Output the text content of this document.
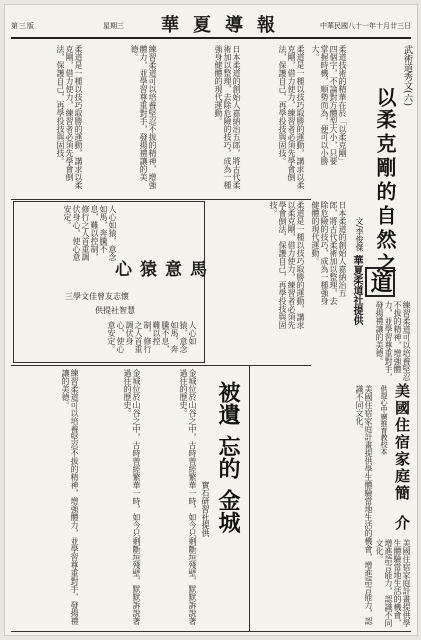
第三版	星期三 華夏導報	中華民國八十一年十月廿三日
武術道秀文(六)
以
柔克剛的自然之
道
文/李俊傑
華夏柔道社提供
柔道技術的精華在於「以柔克剛」四個字，不論對方體型大小，只要掌握時機，順勢而為，便可以小勝大。
柔道是一種以技巧取勝的運動，講求以柔克剛，借力使力，練習者必須先學會倒法，保護自己，再學投技與固技。
日本柔道的創始人嘉納治五郎，將古代柔術加以整理，去除危險的技巧，成為一種強身健體的現代運動。
練習柔道可以培養堅忍不拔的精神，增強體力，並學習尊重對手，發揚禮讓的美德。
柔道是一種以技巧取勝的運動，講求以柔克剛，借力使力，練習者必須先學會倒法，保護自己，再學投技與固技。
日本柔道的創始人嘉納治五郎，將古代柔術加以整理，去除危險的技巧，成為一種強身健體的現代運動。
練習柔道可以培養堅忍不拔的精神，增強體力，並學習尊重對手，發揚禮讓的美德。
柔道是一種以技巧取勝的運動，講求以柔克剛，借力使力，練習者必須先學會倒法，保護自己，再學投技與固技。
人心如猿，意念如馬，奔騰不息，難以控制，修行之人首重調伏身心，使心意安定。
心猿意馬
三學文佳曾友志懷
供提社智慧
人心如猿，意念如馬，奔騰不息，難以控制，修行之人首重調伏身心，使心意安定。
被遺
忘的
金城
實石研習社提供
金城位於山谷之中，古時曾經繁華一時，如今只剩斷垣殘壁，默默訴說著過往的歷史。
金城位於山谷之中，古時曾經繁華一時，如今只剩斷垣殘壁，默默訴說著過往的歷史。
練習柔道可以培養堅忍不拔的精神，增強體力，並學習尊重對手，發揚禮讓的美德。	美國住宿家庭簡
介
供提心中廣推育教校本
美國住宿家庭計畫提供學生體驗當地生活的機會，增進語言能力，認識不同文化。
美國住宿家庭計畫提供學生體驗當地生活的機會，增進語言能力，認識不同文化。
